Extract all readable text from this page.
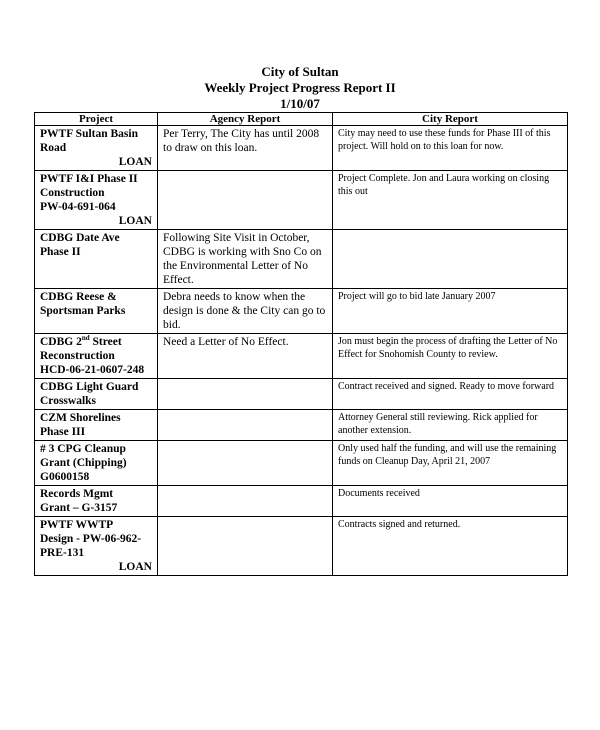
City of Sultan
Weekly Project Progress Report II
1/10/07
Project	Agency Report	City Report

PWTF Sultan Basin
Road
LOAN	Per Terry, The City has until 2008 to draw on this loan.	City may need to use these funds for Phase III of this project. Will hold on to this loan for now.

PWTF I&I Phase II
Construction
PW-04-691-064
LOAN		Project Complete. Jon and Laura working on closing this out

CDBG Date Ave
Phase II	Following Site Visit in October, CDBG is working with Sno Co on the Environmental Letter of No Effect.	

CDBG Reese &
Sportsman Parks	Debra needs to know when the design is done & the City can go to bid.	Project will go to bid late January 2007

CDBG 2nd Street
Reconstruction
HCD-06-21-0607-248	Need a Letter of No Effect.	Jon must begin the process of drafting the Letter of No Effect for Snohomish County to review.

CDBG Light Guard
Crosswalks		Contract received and signed. Ready to move forward

CZM Shorelines
Phase III		Attorney General still reviewing. Rick applied for another extension.

# 3 CPG Cleanup
Grant (Chipping)
G0600158		Only used half the funding, and will use the remaining funds on Cleanup Day, April 21, 2007

Records Mgmt
Grant – G-3157		Documents received

PWTF WWTP
Design - PW-06-962-
PRE-131
LOAN		Contracts signed and returned.
